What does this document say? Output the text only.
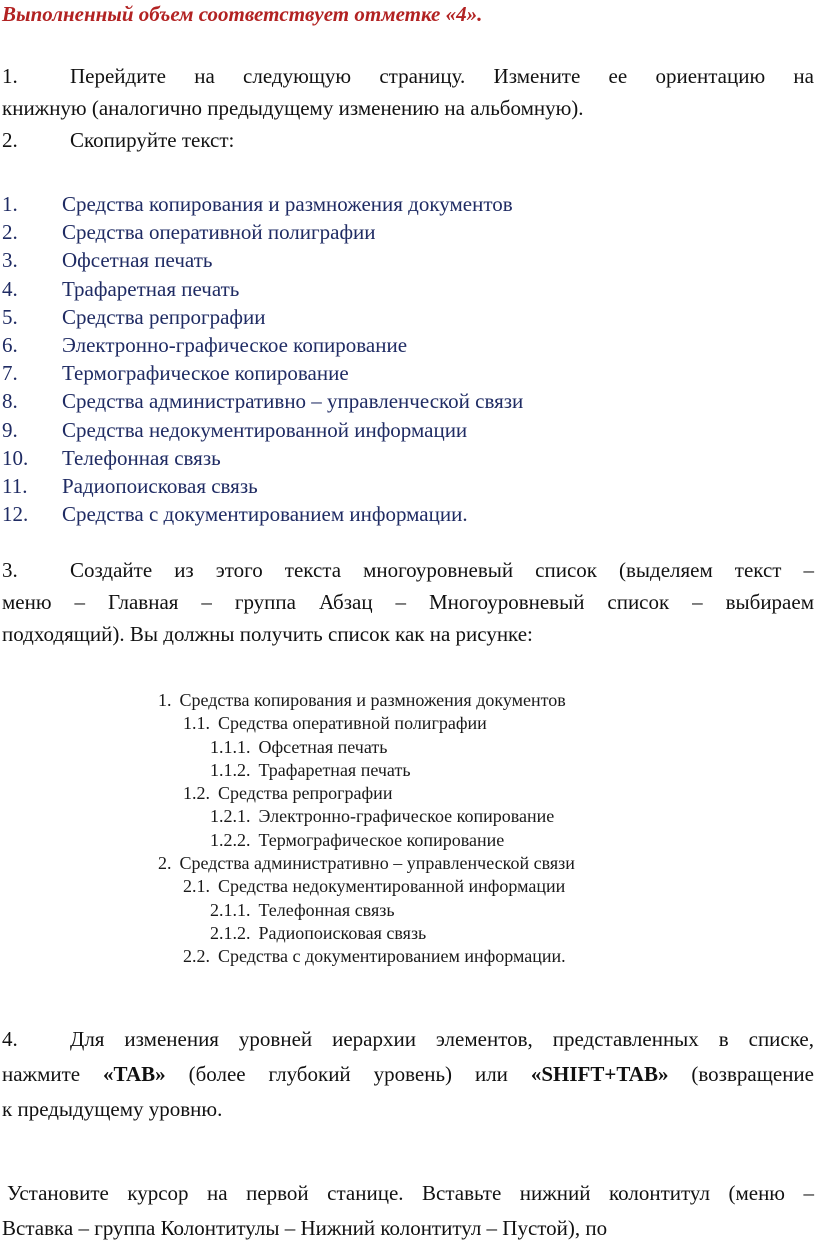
Выполненный объем соответствует отметке «4».
1. Перейдите на следующую страницу. Измените ее ориентацию на
книжную (аналогично предыдущему изменению на альбомную).
2. Скопируйте текст:
1. Средства копирования и размножения документов
2. Средства оперативной полиграфии
3. Офсетная печать
4. Трафаретная печать
5. Средства репрографии
6. Электронно-графическое копирование
7. Термографическое копирование
8. Средства административно – управленческой связи
9. Средства недокументированной информации
10. Телефонная связь
11. Радиопоисковая связь
12. Средства с документированием информации.
3. Создайте из этого текста многоуровневый список (выделяем текст –
меню – Главная – группа Абзац – Многоуровневый список – выбираем
подходящий). Вы должны получить список как на рисунке:
1. Средства копирования и размножения документов
1.1. Средства оперативной полиграфии
1.1.1. Офсетная печать
1.1.2. Трафаретная печать
1.2. Средства репрографии
1.2.1. Электронно-графическое копирование
1.2.2. Термографическое копирование
2. Средства административно – управленческой связи
2.1. Средства недокументированной информации
2.1.1. Телефонная связь
2.1.2. Радиопоисковая связь
2.2. Средства с документированием информации.
4. Для изменения уровней иерархии элементов, представленных в списке,
нажмите «TAB» (более глубокий уровень) или «SHIFT+TAB» (возвращение
к предыдущему уровню.
Установите курсор на первой станице. Вставьте нижний колонтитул (меню –
Вставка – группа Колонтитулы – Нижний колонтитул – Пустой), по
